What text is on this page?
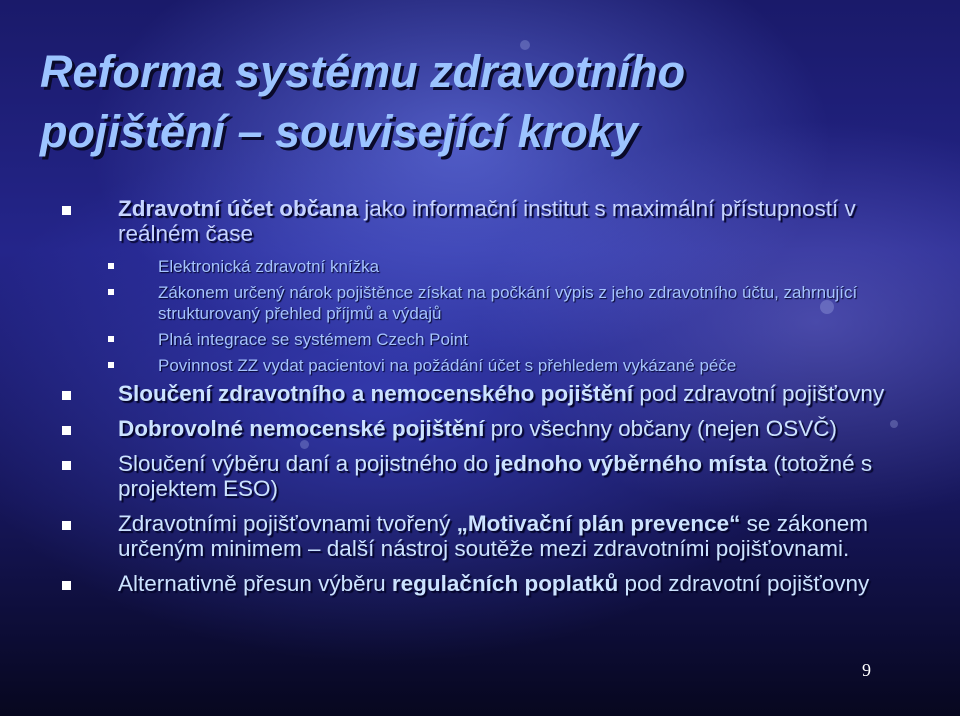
Reforma systému zdravotního
pojištění – související kroky
Zdravotní účet občana jako informační institut s maximální přístupností v reálném čase
Elektronická zdravotní knížka
Zákonem určený nárok pojištěnce získat na počkání výpis z jeho zdravotního účtu, zahrnující strukturovaný přehled příjmů a výdajů
Plná integrace se systémem Czech Point
Povinnost ZZ vydat pacientovi na požádání účet s přehledem vykázané péče
Sloučení zdravotního a nemocenského pojištění pod zdravotní pojišťovny
Dobrovolné nemocenské pojištění pro všechny občany (nejen OSVČ)
Sloučení výběru daní a pojistného do jednoho výběrného místa (totožné s projektem ESO)
Zdravotními pojišťovnami tvořený „Motivační plán prevence“ se zákonem určeným minimem – další nástroj soutěže mezi zdravotními pojišťovnami.
Alternativně přesun výběru regulačních poplatků pod zdravotní pojišťovny
9
